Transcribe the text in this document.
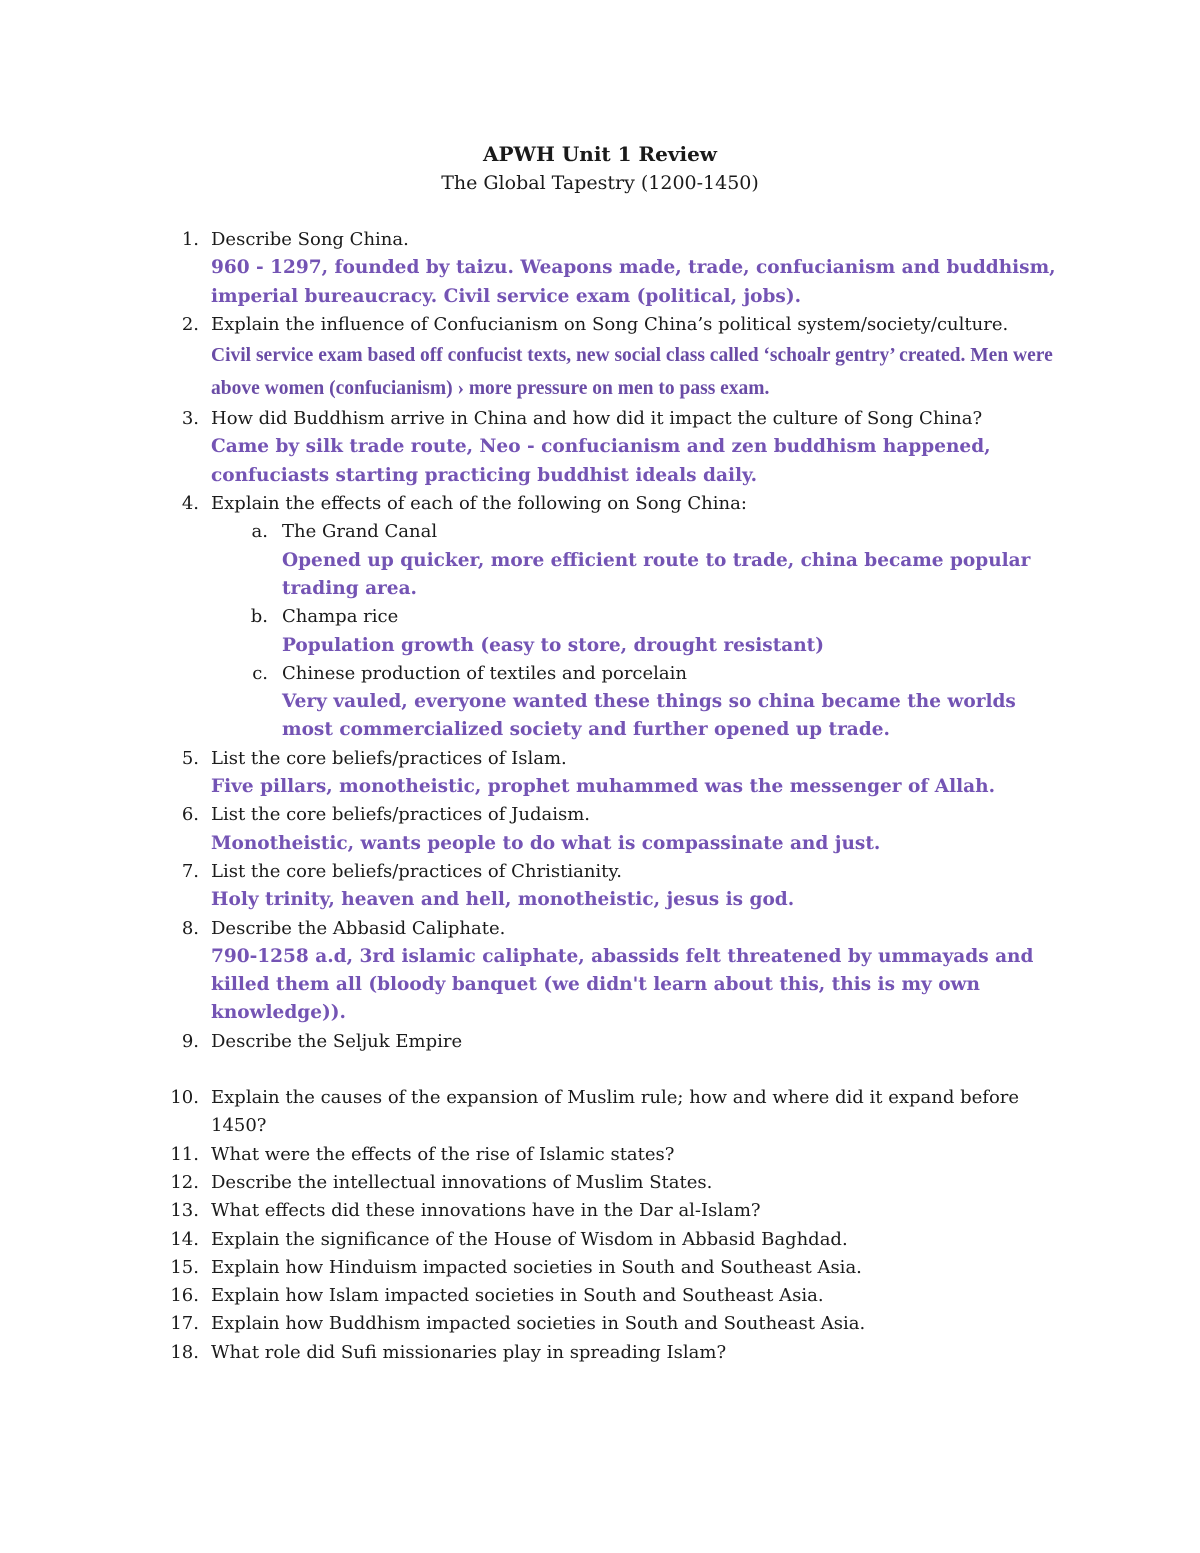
APWH Unit 1 Review
The Global Tapestry (1200-1450)
1. Describe Song China.
960 - 1297, founded by taizu. Weapons made, trade, confucianism and buddhism, imperial bureaucracy. Civil service exam (political, jobs).
2. Explain the influence of Confucianism on Song China’s political system/society/culture.
Civil service exam based off confucist texts, new social class called ‘schoalr gentry’ created. Men were above women (confucianism) › more pressure on men to pass exam.
3. How did Buddhism arrive in China and how did it impact the culture of Song China?
Came by silk trade route, Neo - confucianism and zen buddhism happened, confuciasts starting practicing buddhist ideals daily.
4. Explain the effects of each of the following on Song China:
a. The Grand Canal
Opened up quicker, more efficient route to trade, china became popular trading area.
b. Champa rice
Population growth (easy to store, drought resistant)
c. Chinese production of textiles and porcelain
Very vauled, everyone wanted these things so china became the worlds most commercialized society and further opened up trade.
5. List the core beliefs/practices of Islam.
Five pillars, monotheistic, prophet muhammed was the messenger of Allah.
6. List the core beliefs/practices of Judaism.
Monotheistic, wants people to do what is compassinate and just.
7. List the core beliefs/practices of Christianity.
Holy trinity, heaven and hell, monotheistic, jesus is god.
8. Describe the Abbasid Caliphate.
790-1258 a.d, 3rd islamic caliphate, abassids felt threatened by ummayads and killed them all (bloody banquet (we didn't learn about this, this is my own knowledge)).
9. Describe the Seljuk Empire
10. Explain the causes of the expansion of Muslim rule; how and where did it expand before 1450?
11. What were the effects of the rise of Islamic states?
12. Describe the intellectual innovations of Muslim States.
13. What effects did these innovations have in the Dar al-Islam?
14. Explain the significance of the House of Wisdom in Abbasid Baghdad.
15. Explain how Hinduism impacted societies in South and Southeast Asia.
16. Explain how Islam impacted societies in South and Southeast Asia.
17. Explain how Buddhism impacted societies in South and Southeast Asia.
18. What role did Sufi missionaries play in spreading Islam?
